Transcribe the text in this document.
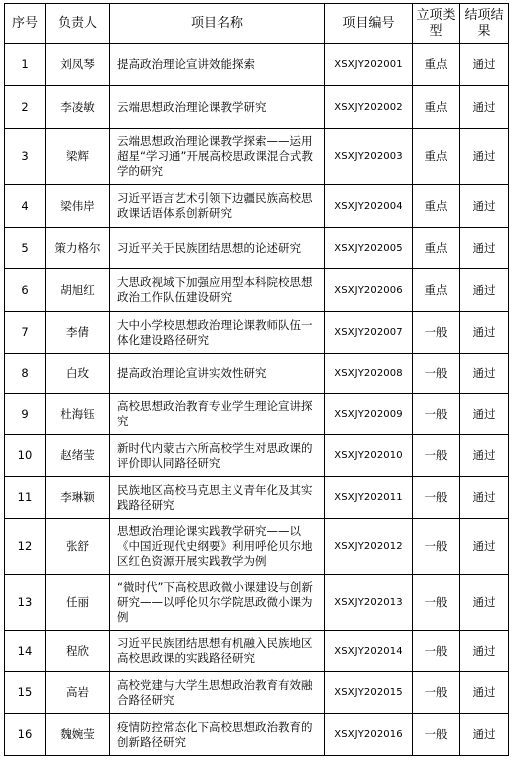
序号	负责人	项目名称	项目编号	立项类型	结项结果
1	刘凤琴	提高政治理论宣讲效能探索	XSXJY202001	重点	通过
2	李凌敏	云端思想政治理论课教学研究	XSXJY202002	重点	通过
3	梁辉	云端思想政治理论课教学探索——运用超星“学习通”开展高校思政课混合式教学的研究	XSXJY202003	重点	通过
4	梁伟岸	习近平语言艺术引领下边疆民族高校思政课话语体系创新研究	XSXJY202004	重点	通过
5	策力格尔	习近平关于民族团结思想的论述研究	XSXJY202005	重点	通过
6	胡旭红	大思政视域下加强应用型本科院校思想政治工作队伍建设研究	XSXJY202006	重点	通过
7	李倩	大中小学校思想政治理论课教师队伍一体化建设路径研究	XSXJY202007	一般	通过
8	白玫	提高政治理论宣讲实效性研究	XSXJY202008	一般	通过
9	杜海钰	高校思想政治教育专业学生理论宣讲探究	XSXJY202009	一般	通过
10	赵绪莹	新时代内蒙古六所高校学生对思政课的评价即认同路径研究	XSXJY202010	一般	通过
11	李琳颖	民族地区高校马克思主义青年化及其实践路径研究	XSXJY202011	一般	通过
12	张舒	思想政治理论课实践教学研究——以《中国近现代史纲要》利用呼伦贝尔地区红色资源开展实践教学为例	XSXJY202012	一般	通过
13	任丽	“微时代”下高校思政微小课建设与创新研究——以呼伦贝尔学院思政微小课为例	XSXJY202013	一般	通过
14	程欣	习近平民族团结思想有机融入民族地区高校思政课的实践路径研究	XSXJY202014	一般	通过
15	高岩	高校党建与大学生思想政治教育有效融合路径研究	XSXJY202015	一般	通过
16	魏婉莹	疫情防控常态化下高校思想政治教育的创新路径研究	XSXJY202016	一般	通过
